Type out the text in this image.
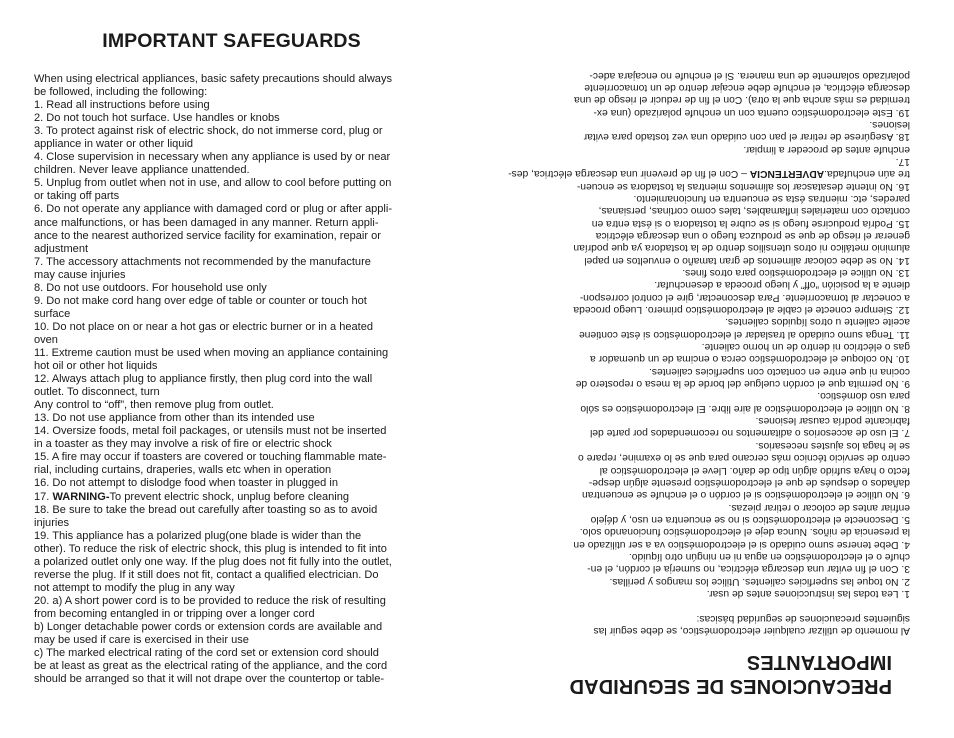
IMPORTANT SAFEGUARDS
When using electrical appliances, basic safety precautions should always
be followed, including the following:
1. Read all instructions before using
2. Do not touch hot surface. Use handles or knobs
3. To protect against risk of electric shock, do not immerse cord, plug or
appliance in water or other liquid
4. Close supervision in necessary when any appliance is used by or near
children. Never leave appliance unattended.
5. Unplug from outlet when not in use, and allow to cool before putting on
or taking off parts
6. Do not operate any appliance with damaged cord or plug or after appli-
ance malfunctions, or has been damaged in any manner. Return appli-
ance to the nearest authorized service facility for examination, repair or
adjustment
7. The accessory attachments not recommended by the manufacture
may cause injuries
8. Do not use outdoors. For household use only
9. Do not make cord hang over edge of table or counter or touch hot
surface
10. Do not place on or near a hot gas or electric burner or in a heated
oven
11. Extreme caution must be used when moving an appliance containing
hot oil or other hot liquids
12. Always attach plug to appliance firstly, then plug cord into the wall
outlet. To disconnect, turn
Any control to “off”, then remove plug from outlet.
13. Do not use appliance from other than its intended use
14. Oversize foods, metal foil packages, or utensils must not be inserted
in a toaster as they may involve a risk of fire or electric shock
15. A fire may occur if toasters are covered or touching flammable mate-
rial, including curtains, draperies, walls etc when in operation
16. Do not attempt to dislodge food when toaster in plugged in
17. WARNING-To prevent electric shock, unplug before cleaning
18. Be sure to take the bread out carefully after toasting so as to avoid
injuries
19. This appliance has a polarized plug(one blade is wider than the
other). To reduce the risk of electric shock, this plug is intended to fit into
a polarized outlet only one way. If the plug does not fit fully into the outlet,
reverse the plug. If it still does not fit, contact a qualified electrician. Do
not attempt to modify the plug in any way
20. a) A short power cord is to be provided to reduce the risk of resulting
from becoming entangled in or tripping over a longer cord
b) Longer detachable power cords or extension cords are available and
may be used if care is exercised in their use
c) The marked electrical rating of the cord set or extension cord should
be at least as great as the electrical rating of the appliance, and the cord
should be arranged so that it will not drape over the countertop or table-	PRECAUCIONES DE SEGURIDAD
IMPORTANTES
Al momento de utilizar cualquier electrodoméstico, se debe seguir las
siguientes precauciones de seguridad básicas:

1. Lea todas las instrucciones antes de usar.
2. No toque las superficies calientes. Utilice los mangos y perillas.
3. Con el fin evitar una descarga eléctrica, no sumerja el cordón, el en-
chufe o el electrodoméstico en agua ni en ningún otro líquido.
4. Debe tenerse sumo cuidado si el electrodoméstico va a ser utilizado en
la presencia de niños. Nunca deje el electrodoméstico funcionando solo.
5. Desconecte el electrodoméstico si no se encuentra en uso, y déjelo
enfriar antes de colocar o retirar piezas.
6. No utilice el electrodoméstico si el cordón o el enchufe se encuentran
dañados o después de que el electrodoméstico presente algún despe-
fecto o haya sufrido algún tipo de daño. Lleve el electrodoméstico al
centro de servicio técnico más cercano para que se lo examine, repare o
se le haga los ajustes necesarios.
7. El uso de accesorios o aditamentos no recomendados por parte del
fabricante podría causar lesiones.
8. No utilice el electrodoméstico al aire libre. El electrodoméstico es sólo
para uso doméstico.
9. No permita que el cordón cuelgue del borde de la mesa o repostero de
cocina ni que entre en contacto con superficies calientes.
10. No coloque el electrodoméstico cerca o encima de un quemador a
gas o eléctrico ni dentro de un horno caliente.
11. Tenga sumo cuidado al trasladar el electrodoméstico si éste contiene
aceite caliente u otros líquidos calientes.
12. Siempre conecte el cable al electrodoméstico primero. Luego proceda
a conectar al tomacorriente. Para desconectar, gire el control correspon-
diente a la posición “off” y luego proceda a desenchufar.
13. No utilice el electrodoméstico para otros fines.
14. No se debe colocar alimentos de gran tamaño o envueltos en papel
aluminio metálico ni otros utensilios dentro de la tostadora ya que podrían
generar el riesgo de que se produzca fuego o una descarga eléctrica
15. Podría producirse fuego si se cubre la tostadora o si ésta entra en
contacto con materiales inflamables, tales como cortinas, persianas,
paredes, etc. mientras ésta se encuentra en funcionamiento.
16. No intente desatascar los alimentos mientras la tostadora se encuen-
tre aún enchufada.ADVERTENCIA – Con el fin de prevenir una descarga eléctrica, des-
17.
enchufe antes de proceder a limpiar.
18. Asegúrese de retirar el pan con cuidado una vez tostado para evitar
lesiones.
19. Este electrodoméstico cuenta con un enchufe polarizado (una ex-
tremidad es más ancha que la otra). Con el fin de reducir el riesgo de una
descarga eléctrica, el enchufe debe encajar dentro de un tomacorriente
polarizado solamente de una manera. Si el enchufe no encajara adec-
